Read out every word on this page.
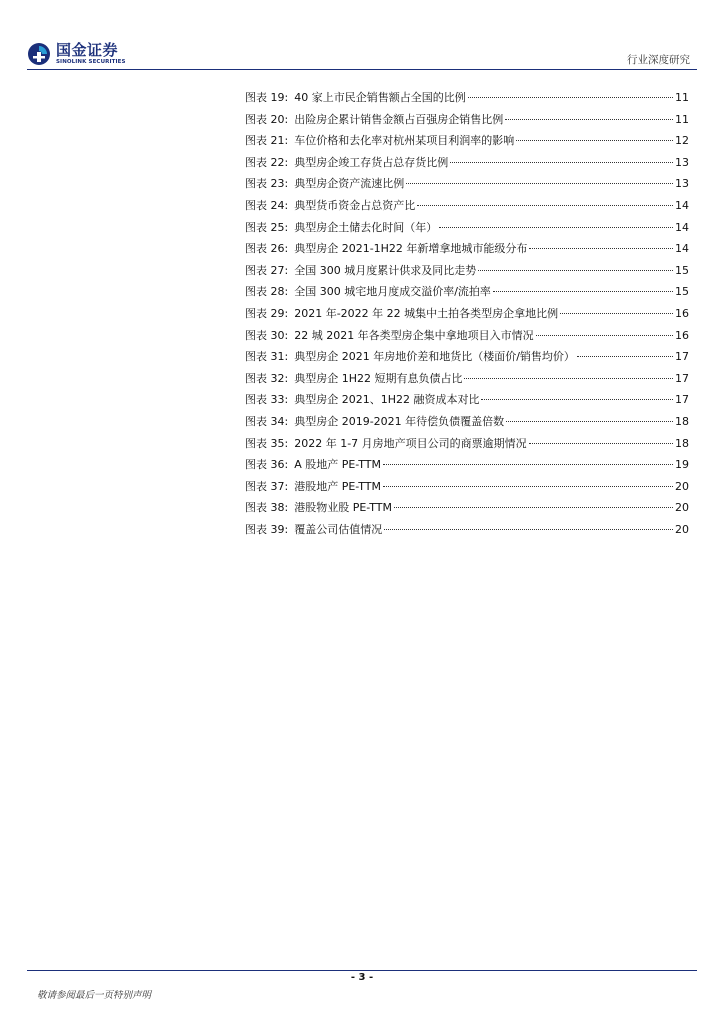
国金证券
SINOLINK SECURITIES	行业深度研究
图表 19: 40 家上市民企销售额占全国的比例	11
图表 20: 出险房企累计销售金额占百强房企销售比例	11
图表 21: 车位价格和去化率对杭州某项目利润率的影响	12
图表 22: 典型房企竣工存货占总存货比例	13
图表 23: 典型房企资产流速比例	13
图表 24: 典型货币资金占总资产比	14
图表 25: 典型房企土储去化时间（年）	14
图表 26: 典型房企 2021-1H22 年新增拿地城市能级分布	14
图表 27: 全国 300 城月度累计供求及同比走势	15
图表 28: 全国 300 城宅地月度成交溢价率/流拍率	15
图表 29: 2021 年-2022 年 22 城集中土拍各类型房企拿地比例	16
图表 30: 22 城 2021 年各类型房企集中拿地项目入市情况	16
图表 31: 典型房企 2021 年房地价差和地货比（楼面价/销售均价）	17
图表 32: 典型房企 1H22 短期有息负债占比	17
图表 33: 典型房企 2021、1H22 融资成本对比	17
图表 34: 典型房企 2019-2021 年待偿负债覆盖倍数	18
图表 35: 2022 年 1-7 月房地产项目公司的商票逾期情况	18
图表 36: A 股地产 PE-TTM	19
图表 37: 港股地产 PE-TTM	20
图表 38: 港股物业股 PE-TTM	20
图表 39: 覆盖公司估值情况	20
- 3 -
敬请参阅最后一页特别声明
